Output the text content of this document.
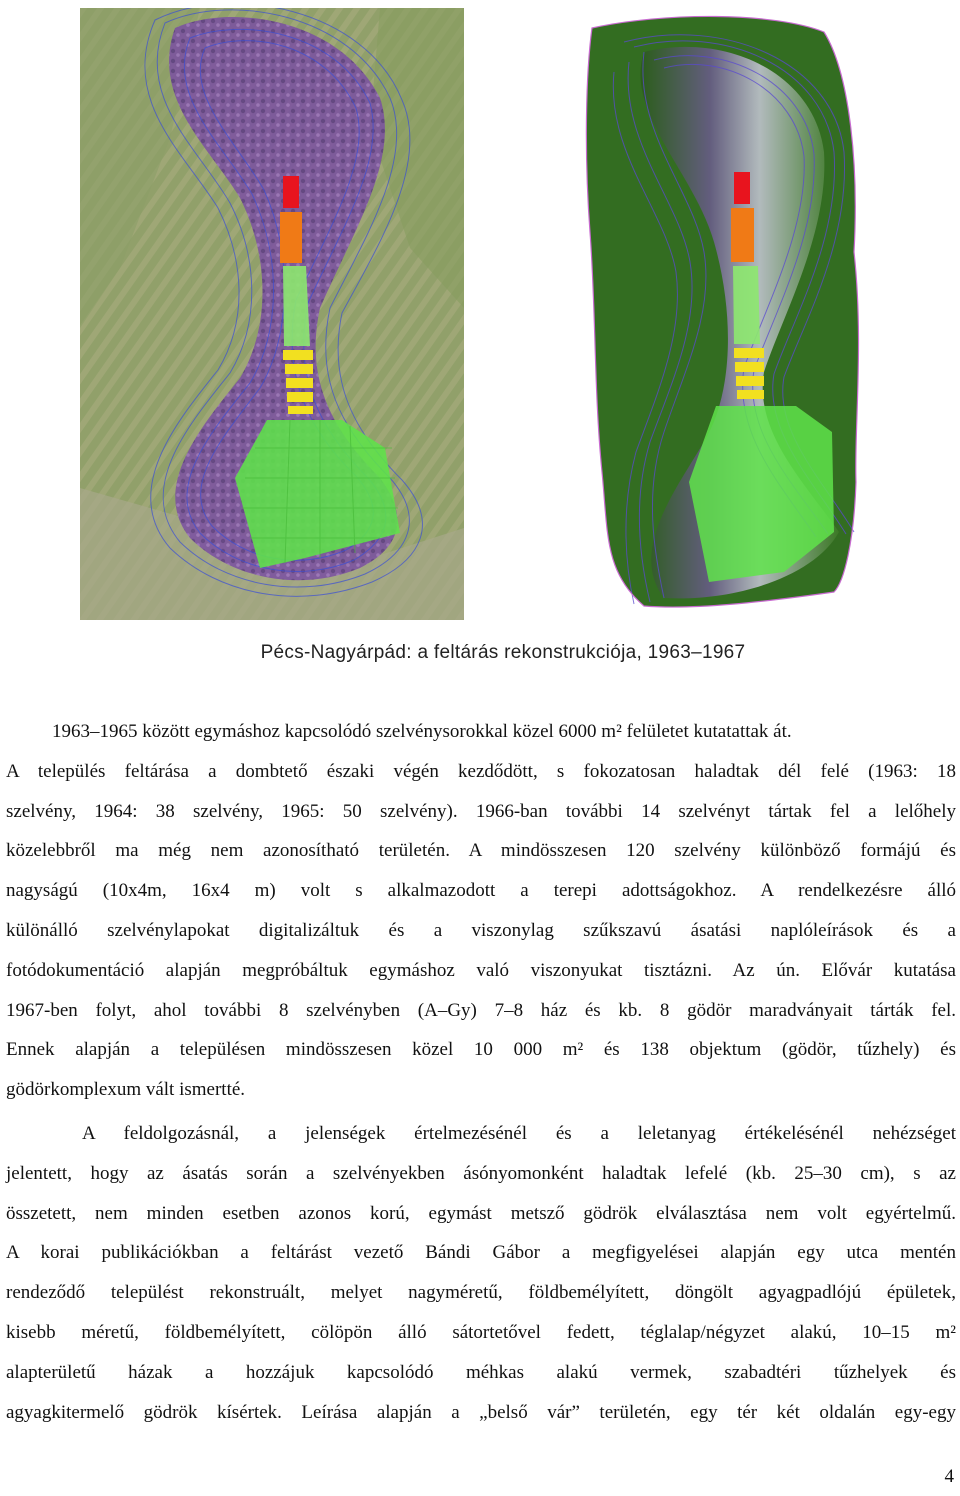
Pécs-Nagyárpád: a feltárás rekonstrukciója, 1963–1967
1963–1965 között egymáshoz kapcsolódó szelvénysorokkal közel 6000 m² felületet kutatattak át.
A település feltárása a dombtető északi végén kezdődött, s fokozatosan haladtak dél felé (1963: 18
szelvény, 1964: 38 szelvény, 1965: 50 szelvény). 1966-ban további 14 szelvényt tártak fel a lelőhely
közelebbről ma még nem azonosítható területén. A mindösszesen 120 szelvény különböző formájú és
nagyságú (10x4m, 16x4 m) volt s alkalmazodott a terepi adottságokhoz. A rendelkezésre álló
különálló szelvénylapokat digitalizáltuk és a viszonylag szűkszavú ásatási naplóleírások és a
fotódokumentáció alapján megpróbáltuk egymáshoz való viszonyukat tisztázni. Az ún. Elővár kutatása
1967-ben folyt, ahol további 8 szelvényben (A–Gy) 7–8 ház és kb. 8 gödör maradványait tárták fel.
Ennek alapján a településen mindösszesen közel 10 000 m² és 138 objektum (gödör, tűzhely) és
gödörkomplexum vált ismertté.
A feldolgozásnál, a jelenségek értelmezésénél és a leletanyag értékelésénél nehézséget
jelentett, hogy az ásatás során a szelvényekben ásónyomonként haladtak lefelé (kb. 25–30 cm), s az
összetett, nem minden esetben azonos korú, egymást metsző gödrök elválasztása nem volt egyértelmű.
A korai publikációkban a feltárást vezető Bándi Gábor a megfigyelései alapján egy utca mentén
rendeződő települést rekonstruált, melyet nagyméretű, földbemélyített, döngölt agyagpadlójú épületek,
kisebb méretű, földbemélyített, cölöpön álló sátortetővel fedett, téglalap/négyzet alakú, 10–15 m²
alapterületű házak a hozzájuk kapcsolódó méhkas alakú vermek, szabadtéri tűzhelyek és
agyagkitermelő gödrök kísértek. Leírása alapján a „belső vár” területén, egy tér két oldalán egy-egy
4
